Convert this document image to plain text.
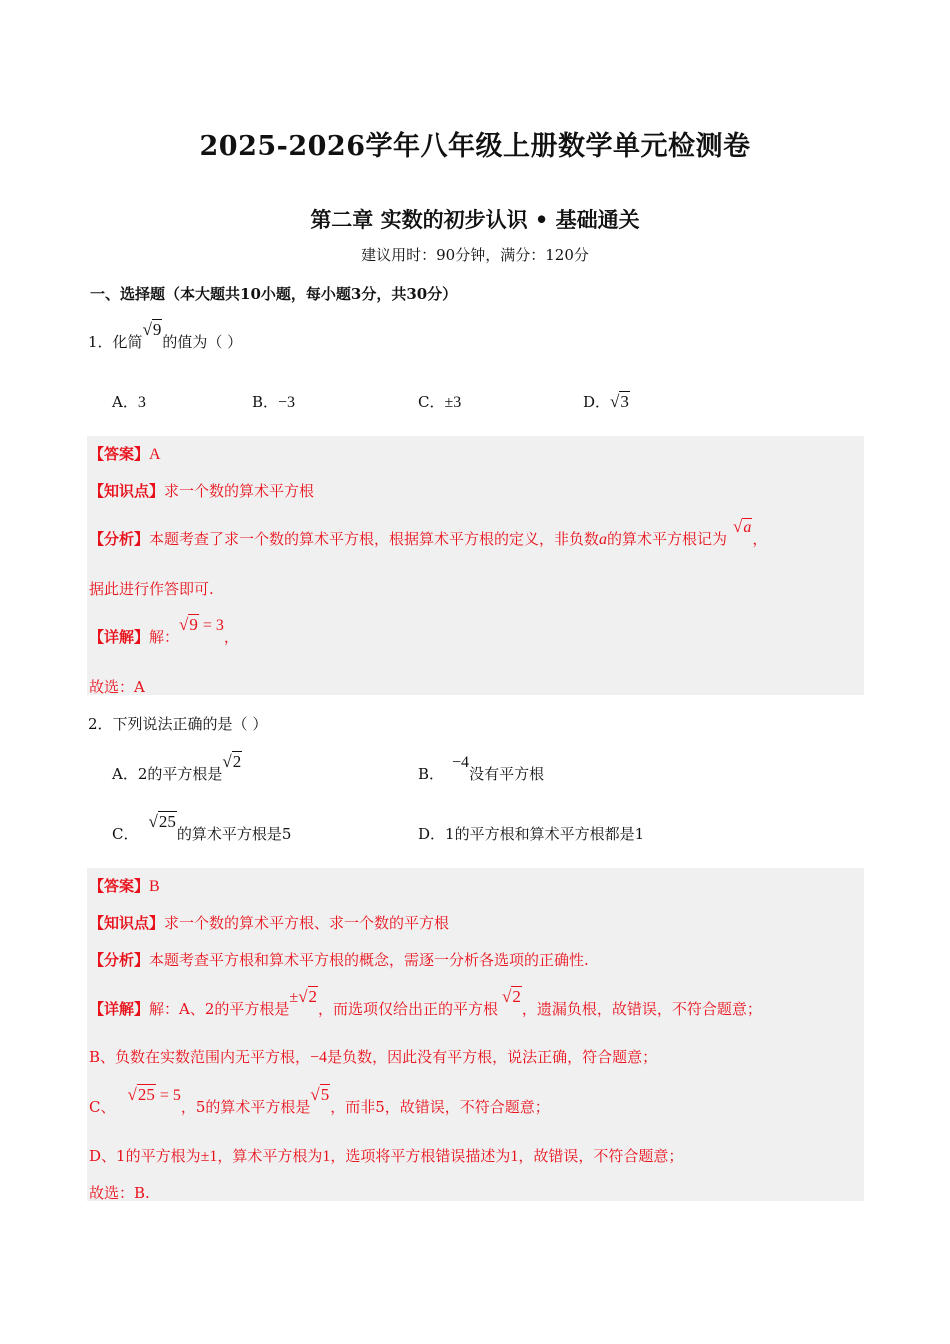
2025-2026学年八年级上册数学单元检测卷
第二章 实数的初步认识 • 基础通关
建议用时：90分钟，满分：120分
一、选择题（本大题共10小题，每小题3分，共30分）
1．化简√9的值为（ ）
A．3	B．−3	C．±3	D．√3
【答案】A
【知识点】求一个数的算术平方根
【分析】本题考查了求一个数的算术平方根，根据算术平方根的定义，非负数a的算术平方根记为√a，
据此进行作答即可.
【详解】解：√9 = 3，
故选：A
2．下列说法正确的是（ ）
A．2的平方根是√2
B．−4没有平方根
C．√25的算术平方根是5	D．1的平方根和算术平方根都是1
【答案】B
【知识点】求一个数的算术平方根、求一个数的平方根
【分析】本题考查平方根和算术平方根的概念，需逐一分析各选项的正确性.
【详解】解：A、2的平方根是±√2，而选项仅给出正的平方根√2，遗漏负根，故错误，不符合题意；
B、负数在实数范围内无平方根，−4是负数，因此没有平方根，说法正确，符合题意；
C、√25 = 5，5的算术平方根是√5，而非5，故错误，不符合题意；
D、1的平方根为±1，算术平方根为1，选项将平方根错误描述为1，故错误，不符合题意；
故选：B.
